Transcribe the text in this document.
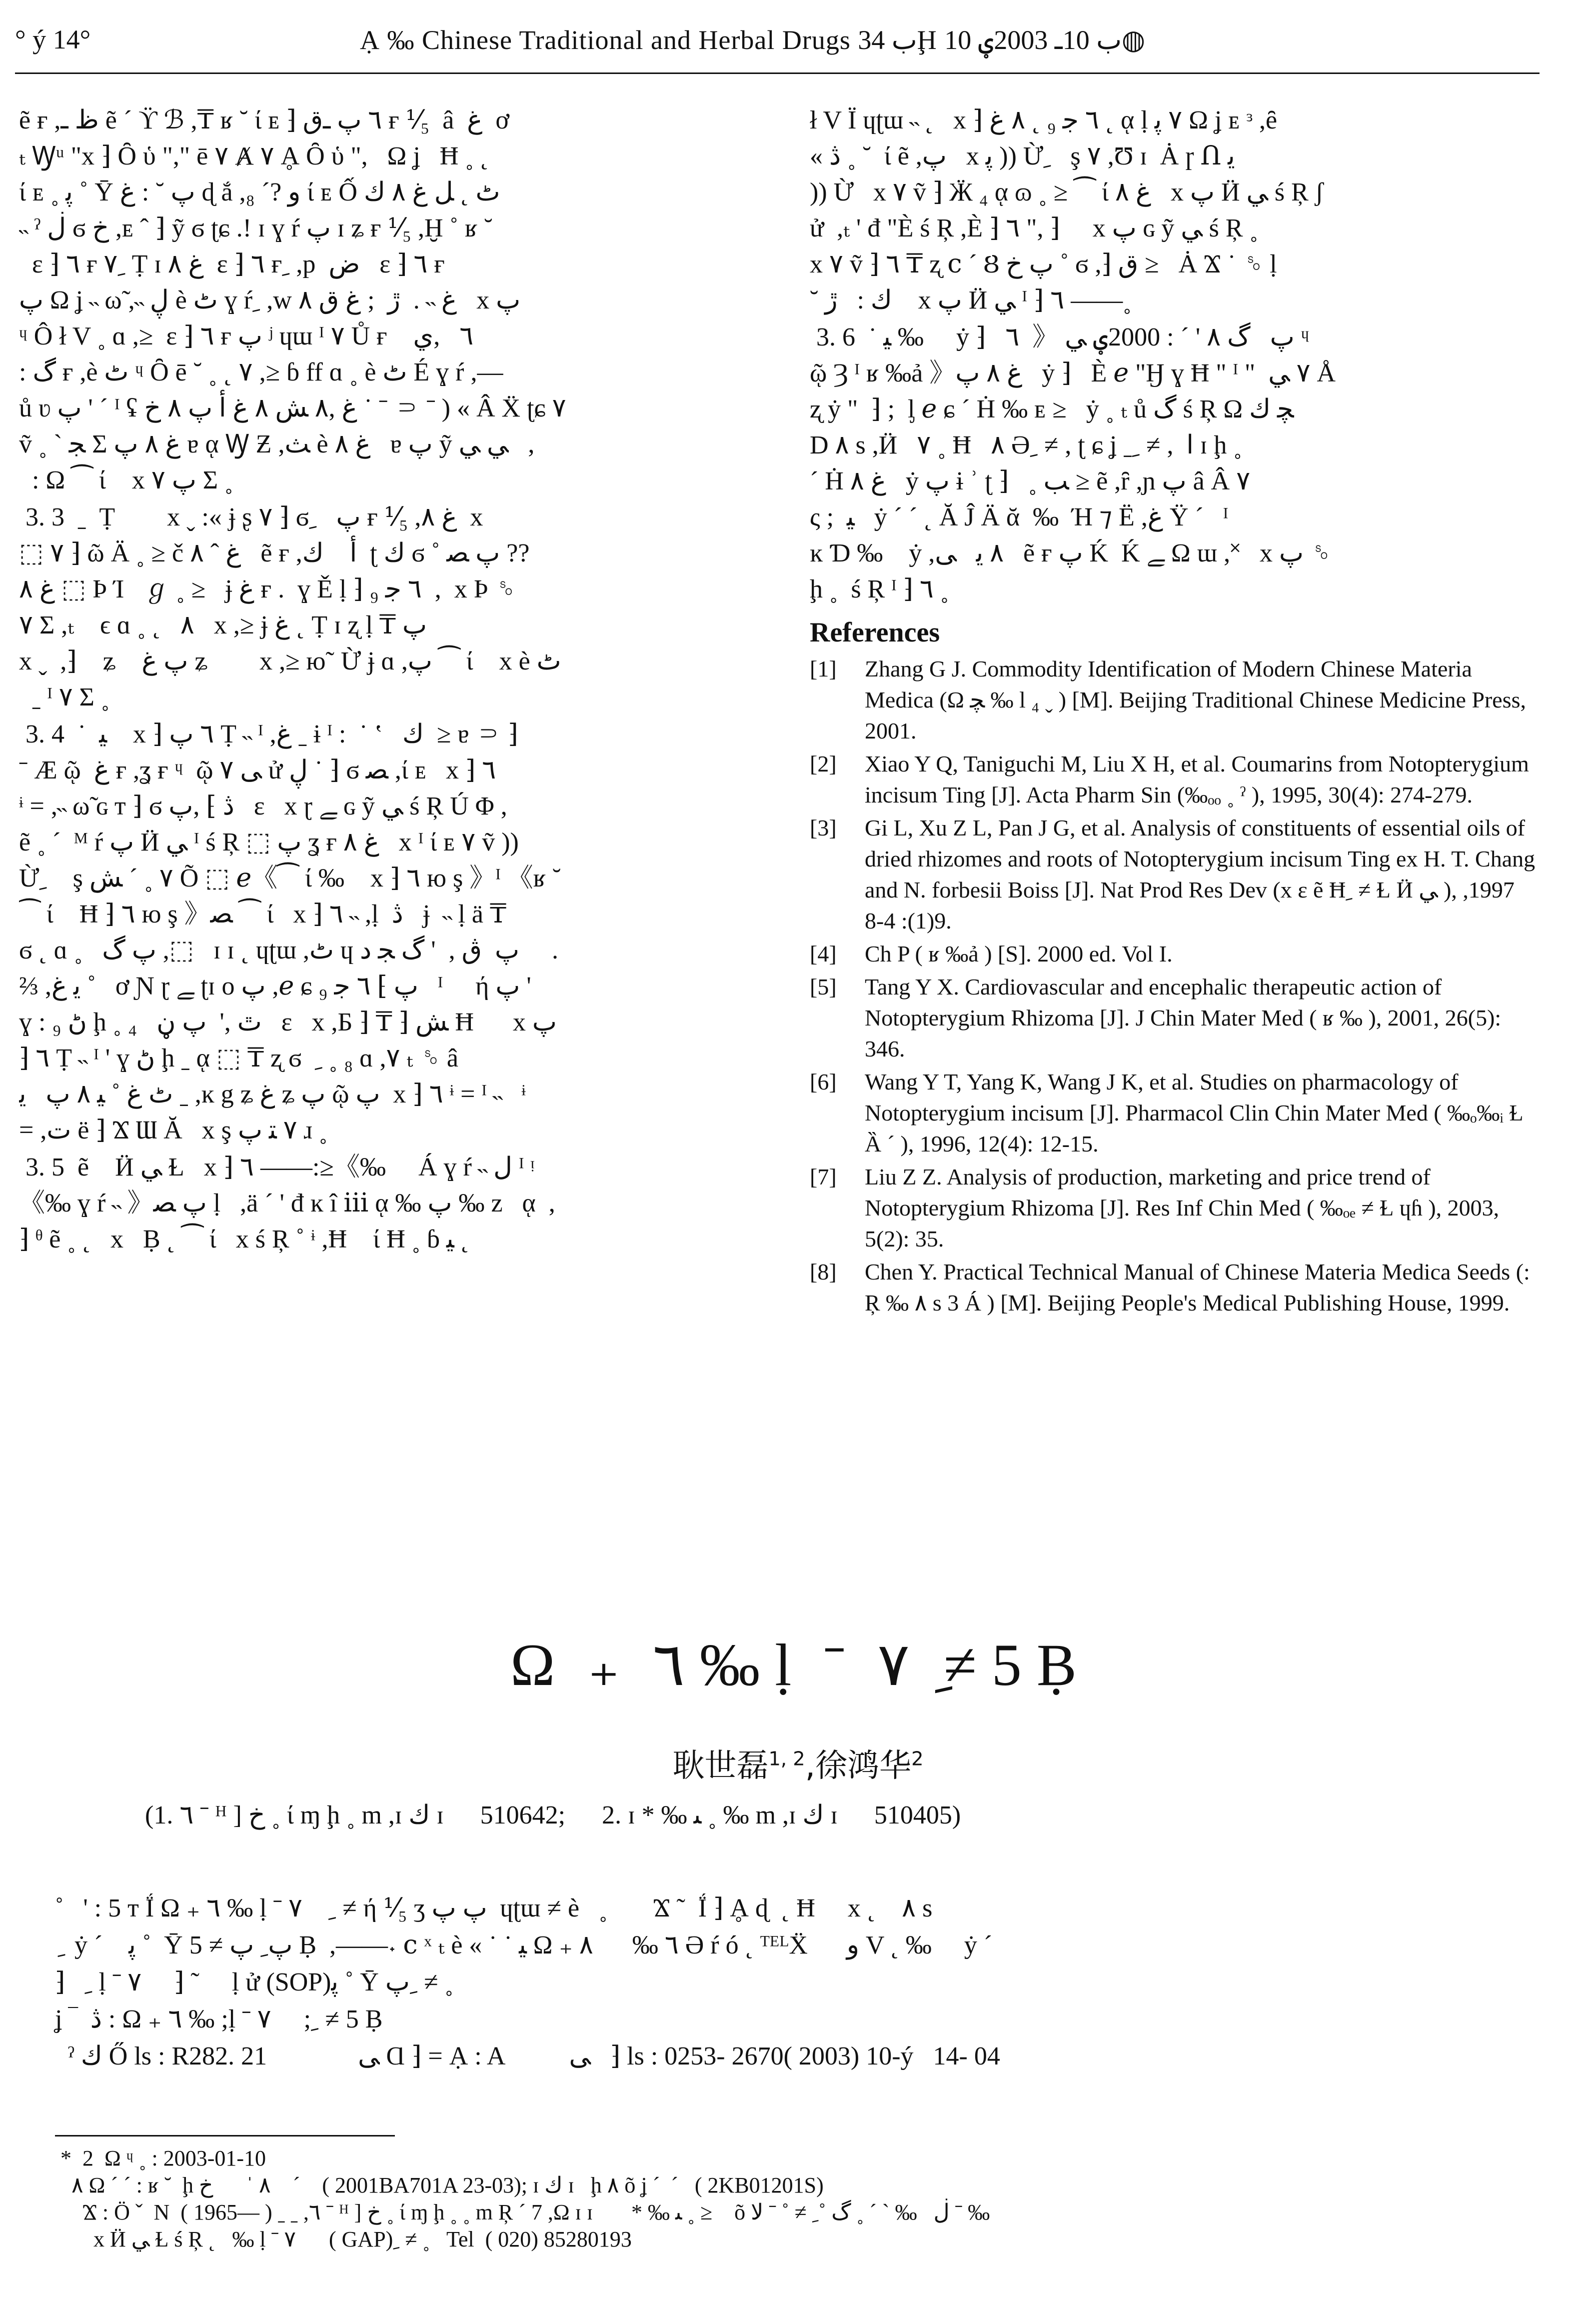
° ý 14°	Ạ ‰ Chinese Traditional and Herbal Drugs ب 34Ḩ ب 10ـ 2003ؠ 10◍

ẽ ғ ,ظ ـ ẽ ´ ϔ ℬ ,₸ ʁ ˘ ί ᴇ ⁆ ٦ ﭖ ـﻕ ғ ⅟₅  â  ﻍ  ơ

ₜ Ꝡᵘ "x ⁆ Ȏ ὑ "," ē ٧ Ⱥ ٧ Ḁ Ȏ ὑ ",   Ω ʝ   Ħ ˳ ˛

ί ᴇ ˳ ﭘ ˚ Ȳ ﭖ ˘ : ﻍ ɖ ắ ,و ?´ ₈ ί ᴇ Ố ﭦ ˛ ﻞ ﻍ ٨ ﻙ

˵ ˀ ڶ ϭ ﺥ ,ᴇ ˆ ⁆ ỹ ϭ ʈɕ .! ɪ ɣ ŕ ﭖ ɪ ʑ ғ ⅟₅ ,Ḫ ˚ ʁ ˘

ε ⁆ ٦ ғ ٧ ِ Ṭ ɪ ﻍ ٨  ε ⁆ ٦ ғ ِ ,p  ﺽ   ε ⁆ ٦ ғ

ﭖ Ω ʝ ˵ ω̃ ,˵ ڸ è ﭦ ɣ ŕ ِ ,w ﻍ ˵ .  ڙ  ; ﻍ ﻕ ٨   x ﭖ

ᶣ Ô ł V ˳ ɑ ,≥  ε ⁆ ٦ ғ ﭖ ʲ ɥɯ ᴵ ٧ Ů ғ    ٦   ,ي

: ﮒ ғ ,è ﭦ ᶣ Ȏ ē ˘ ˳ ˛ ٧ ,≥ ɓ ff ɑ ˳ è ﭦ É ɣ ŕ ,—

ů ʋ ﭖ ' ´ ᴵ ʢ ﻍ ,٨ ﺶ ٨ ﻍ ﺃ ﭖ ٨ ﺥ ˙ ˉ ⸧ ˉ ) « Â Ẍ ʈɕ ٧

ṽ ˳ ` ﺠ Σ ﻍ ٨ ﭖ ɐ ᾳ Ꝡ Ƶ ,ﺚ è ﻍ ٨   ɐ ﭖ ỹ ﻲ ﻲ   ,

: Ω ⁀ ί    x ﭖ ٧ Σ ˳

3. 3  ˍ  Ṭ        x ˬ :« ɉ ʂ ٧ ⁆ ϭ ِ   ﭖ ғ ⅟₅ ,ﻍ ٨  x

⬚ ٧ ⁆ ῶ Ä ˳ ≥ č ﻍ ˆ ٨   ẽ ғ ,أ    ﻙ  ʈ ﻙ ϭ ˚ ﭖ ﺼ ??

ﻍ ٨ ⬚ Þ Ί   ℊ ˳ ≥   ɉ ﻍ ғ .  ɣ Ě ḷ ⁆ ٦ ﺟ ₉  ,  x Þ ␎

٧ Σ ,ₜ    ϵ ɑ ˳ ˛   ٨   x ,≥ ɉ ﻍ ˛ Ṭ ɪ ʐ ḷ ₸ ﭖ

x ˬ  ,⁆    ʑ    ﭖ ﻍ ʑ        x ,≥ ю˜ Ừ ɉ ɑ ,ﭖ ⁀ ί    x è ﭦ

ˍ ᴵ ٧ Σ ˳

3. 4  ˙  ﻴ    x ⁆ ٦ ﭖ Ṭ ˵ ᴵ ,ﻍ ˍ ɨ ᴵ :  ˙ ʽ   ﻙ  ≥ ɐ ⸧ ⁆

ˉ Æ ῷ  ﻍ ғ ,ʓ ғ ᶣ  ῷ ﻰ ٧ ử ڸ ˙ ⁆ ϭ ﺼ ,ί ᴇ   x ⁆ ٦

ᶤ = ,˵ ω̃ ɢ ᴛ ⁆ ϭ ڎ ⁆ ,ﭖ   ε   x ɽ ﮯ ɢ ỹ ﻲ ś Ŗ Ú Φ ,

ẽ ˳ ´  ᴹ ŕ ﭖ Ӥ ﻲ ᴵ ś Ŗ ⬚ ﭖ ʓ ғ ﻍ ٨   x ᴵ ί ᴇ ٧ ṽ ))

Ừ ِ    ş ٧ ˳ ˊ ﺶ Õ ⬚ ℯ《⁀ ί ‰    x ⁆ ٦ ю ş 》ᴵ 《ʁ ˘

⁀ ί    Ħ ⁆ ٦ ю ş 》ﺼ ⁀ ί   x ⁆ ٦ ˵ ,ḷ  ڎ   ɉ  ˵ ḷ ä ₸

ϭ ˛ ɑ ˳   ﭖ ﮒ ,⬚   ɪ ɪ ˛ ɥʈɯ ,ﭦ ɥ ﭖ  ڨ ,  ' ﮒ ﺠ ﺩ     .

⅔ ,ﻳ ﻍ ˚   ơ Ɲ ɽ ﮯ ʈɪ ο ﭖ ,ℯ ɕ ﭖ ⁆ ٦ ﺟ ₉   ᴵ     ή ﭖ '

ɣ : ₉ ڻ ḩ ˳ ₄   ﭢ ,'  ﭖ ڼ   ε   x ,Ƃ ⁆ ₸ ⁆ ﺶ Ħ      x ﭖ

⁆ ٦ Ṭ ˵ ᴵ ' ɣ ڻ ḩ ˍ ᾳ ⬚ ₸ ʐ ϭ   ِ ˳ ₈ ɑ ,٧ ₜ ␎ â

ﭦ ﻍ ˚ ﻴ ٨ ﭖ   ﻳ ˍ ,ĸ g ʑ ﻍ ʑ ﭖ ῷ ﭖ  x ⁆ ٦ ᶤ = ᴵ ˵   ᶤ

= ,ﺕ ë ⁆ Ϫ Ɯ Ă   x ş ٧ ﺘ ﭖ ɹ ˳

3. 5  ẽ    Ӥ ﻲ Ɫ   x ⁆ ٦ ——:≥《‰     Á ɣ ŕ ˵ ﻝ ᴵ ᵎ

《‰ ɣ ŕ ˵ 》ﭖ ﺼ ḷ   ,ä ˊ ' đ ĸ î ⅲ ᾳ ‰ ﭖ ‰ ᴢ   ᾳ  ,

⁆ ᶿ ẽ ˳ ˛   x   Ḅ ˛ ⁀ ί   x ś Ŗ ˚ ᶤ ,Ħ    ί Ħ ˳ ɓ ﻴ ˛

ł V Ï ɥʈɯ ˵ ˛   x ⁆ ٦ ﺟ ₉ ˛ ٨ ﻍ ˛ ᾳ ḷ ٧ ﭘ Ω ʝ ᴇ ᵌ ,ȇ

« ڎ ˳ ˘  ί ẽ ,ﭖ   x ﭘ )) Ừ ِ   ş ٧ ,Ʊ ɪ  Ȧ ɼ Ո ﻳ

)) Ừ   x ٧ ṽ ⁆ Ӝ ₄ ᾳ ɷ ˳ ≥ ⁀ ί ﻍ ٨   x ﭖ Ӥ ﻲ ś Ŗ ʃ

ử  ,ₜ ' đ "È ś Ŗ ,È ⁆ ٦ ", ⁆     x ﭖ ɢ ỹ ﻲ ś Ŗ ˳

x ٧ ṽ ⁆ ٦ ₸ ʐ ⅽ ˊ Ȣ ﭖ ﺥ ˚ ϭ ,⁆ ﻕ ≥   Ȧ Ϫ ˙ ␎ ḷ

˘ ﻙ :   ڙ    x ﭖ Ӥ ﻲ ᴵ ⁆ ٦ ——˳

3. 6  ˙ ﻴ ‰     ẏ ⁆   ﭖ   ﮒ ٨ ' ´ : 2000ؠ ﻲ 《  ٦ ᶣ

ῷ Ȝ ᴵ ʁ ‰ả 》ﻍ ٨ ﭖ   ẏ ⁆   È ℯ "Ӈ ɣ Ħ " ᴵ "  ٧ ﻲ Å

ʐ ẏ "  ⁆ ;  ᶅ ℯ ɕ ˊ Ḣ ‰ ᴇ ≥   ẏ ˳ ₜ ů ﮒ ś Ŗ Ω ﭽ ﻙ

D ٨ s ,Ӥ   ٧ ˳ Ħ   ٨ Ә ِ ≠ , ʈ ɕ ʝ ˍ ِ ≠ ,  ﺍ ɪ ḩ ˳

ˊ Ḣ ﻍ ٨   ẏ ﭖ ɨ ʾ ʈ ⁆   ˳ ﺐ ≥ ẽ ,ȓ ,ɲ ﭖ â Â ٧

ς ;  ﻴ   ẏ ˊ ´ ˛ Ă Ĵ Ä ᾰ  ‰  Ή ⁊ Ё ,ﻍ Ÿ ˊ   ᴵ

ĸ Ɗ ‰    ẏ ,٨ ﻳ   ﻰ   ẽ ғ ﭖ Ḱ  Ḱ ﮯ Ω ɯ ,˟   x ﭖ ␎

ḩ ˳  ś Ŗ ᴵ ⁆ ٦ ˳

References
[1]	Zhang G J. Commodity Identification of Modern Chinese Materia Medica (Ω ﭽ ‰ l ₄ ˬ ) [M]. Beijing Traditional Chinese Medicine Press, 2001.
[2]	Xiao Y Q, Taniguchi M, Liu X H, et al. Coumarins from Notopterygium incisum Ting [J]. Acta Pharm Sin (‰ₒₒ ˳ ˀ ), 1995, 30(4): 274-279.
[3]	Gi L, Xu Z L, Pan J G, et al. Analysis of constituents of essential oils of dried rhizomes and roots of Notopterygium incisum Ting ex H. T. Chang and N. forbesii Boiss [J]. Nat Prod Res Dev (x ε ẽ Ħ ِ ≠ Ɫ Ӥ ﻲ ), 1997, 9(1): 4-8.
[4]	Ch P ( ʁ ‰ả ) [S]. 2000 ed. Vol I.
[5]	Tang Y X. Cardiovascular and encephalic therapeutic action of Notopterygium Rhizoma [J]. J Chin Mater Med ( ʁ ‰ ), 2001, 26(5): 346.
[6]	Wang Y T, Yang K, Wang J K, et al. Studies on pharmacology of Notopterygium incisum [J]. Pharmacol Clin Chin Mater Med ( ‰ₒ‰ᵢ Ɫ Ȁ ´ ), 1996, 12(4): 12-15.
[7]	Liu Z Z. Analysis of production, marketing and price trend of Notopterygium Rhizoma [J]. Res Inf Chin Med ( ‰ₒₑ ≠ Ɫ ɥɦ ), 2003, 5(2): 35.
[8]	Chen Y. Practical Technical Manual of Chinese Materia Medica Seeds (: Ŗ ‰ ٨ s 3 Á ) [M]. Beijing People's Medical Publishing House, 1999.
Ω ₊ ٦ ‰ ḷ ˉ ٧ ِ ≠ 5 Ḅ
耿世磊$^{1, 2}$,徐鸿华$^2$
(1. ٦ ˉ ᴴ ] ﺥ ˳ ί ɱ ḩ ˳ m ,ɪ ﻙ ɪ 510642; 2. ɪ * ‰ ﯩ ˳ ‰ m ,ɪ ﻙ ɪ 510405)

˚   ' : 5 ᴛ Ḯ Ω ₊ ٦ ‰ ḷ ˉ ٧     ِ ≠ ή ⅟₅ ʒ ﭖ ﭖ  ɥʈɯ ≠ è   ˳       Ϫ ˜  Ḯ ⁆ Ḁ ɖ  ˛ Ħ     x ˛    ٨ s

ِ   ẏ ´    ﭘ ˚  Ȳ ﭖ ِ ﭖ ≠ 5 Ḅ  ,——˖ ⅽ ˣ ₜ è « ˙ ˙ ﻴ Ω ₊ ٦ ‰      ٨ Ә ŕ ó ˛ ᵀᴱᴸẌ      و V ˛ ‰     ẏ ´

⁆    ِ ḷ ˉ ٧     ⁆ ˜     ḷ ử (SOP)ﭘ ˚ Ȳ ﭖ ِ ≠ ˳

ʝ ‾  ڎ : Ω ₊ ٦ ‰ ;ḷ ˉ ٧     ; ِ ≠ 5 Ḅ

ˀ ﻙ Ő ls : R282. 21              ﻰ Ɑ ⁆ = Ạ : A          ﻰ   ⁆ ls : 0253- 2670( 2003) 10-ý   14- 04

*  2  Ω ᶣ ˳ : 2003-01-10

٨ Ω ´ ˊ : ʁ ˘  ḩ ٨ ˈ      ﺥ    ´    ( 2001BA701A 23-03); ɪ ﻙ ɪ   ḩ ٨ õ ʝ ´  ˊ   ( 2KB01201S)

Ϫ : Ö ˇ  N  ( 1965— ) ˍ ˍ ,٦ ˉ ᴴ ] ﺥ ˳ ί ɱ ḩ ˳ ˳ m Ŗ ´ 7 ,Ω ɪ ɪ       * ‰ ﯩ ˳ ≥    õ ڶ   ‰ ` ˊ ˳ ﮒ ˚ ِ ≠ ˚ ˉ ﻻ ˉ ‰

x Ӥ ﻲ Ɫ ś Ŗ ˛   ‰ ḷ ˉ ٧      ( GAP) ِ ≠ ˳   Tel  ( 020) 85280193
